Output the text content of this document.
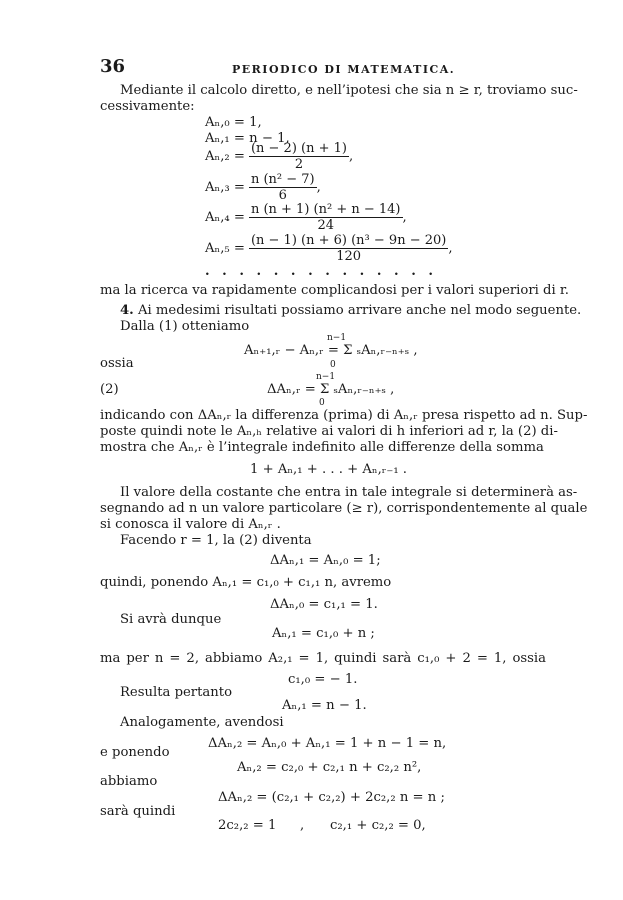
36	PERIODICO DI MATEMATICA.
Mediante il calcolo diretto, e nell’ipotesi che sia n ≥ r, troviamo suc-
cessivamente:
Aₙ,₀ = 1,
Aₙ,₁ = n − 1,
$A_n,_2 = \frac{(n - 2) (n + 1)}{2}$ ,
$A_n,_3 = \frac{\text{n (n² − 7)}}{6}$ ,
$A_n,_4 = \frac{\text{n (n + 1) (n² + n − 14)}}{24}$ ,
$A_n,_5 = \frac{\text{(n − 1) (n + 6) (n³ − 9n − 20)}}{120}$ ,
. . . . . . . . . . . . . .
ma la ricerca va rapidamente complicandosi per i valori superiori di r.
4. Ai medesimi risultati possiamo arrivare anche nel modo seguente.
Dalla (1) otteniamo
n−1
Aₙ₊₁,ᵣ − Aₙ,ᵣ = Σ ₛAₙ,ᵣ₋ₙ₊ₛ ,
0
ossia
(2)
n−1
ΔAₙ,ᵣ = Σ ₛAₙ,ᵣ₋ₙ₊ₛ ,
0
indicando con ΔAₙ,ᵣ la differenza (prima) di Aₙ,ᵣ presa rispetto ad n. Sup-
poste quindi note le Aₙ,ₕ relative ai valori di h inferiori ad r, la (2) di-
mostra che Aₙ,ᵣ è l’integrale indefinito alle differenze della somma
1 + Aₙ,₁ + . . . + Aₙ,ᵣ₋₁ .
Il valore della costante che entra in tale integrale si determinerà as-
segnando ad n un valore particolare (≥ r), corrispondentemente al quale
si conosca il valore di Aₙ,ᵣ .
Facendo r = 1, la (2) diventa
ΔAₙ,₁ = Aₙ,₀ = 1;
quindi, ponendo Aₙ,₁ = c₁,₀ + c₁,₁ n, avremo
ΔAₙ,₀ = c₁,₁ = 1.
Si avrà dunque
Aₙ,₁ = c₁,₀ + n ;
ma per n = 2, abbiamo A₂,₁ = 1, quindi sarà c₁,₀ + 2 = 1, ossia
c₁,₀ = − 1.
Resulta pertanto
Aₙ,₁ = n − 1.
Analogamente, avendosi
ΔAₙ,₂ = Aₙ,₀ + Aₙ,₁ = 1 + n − 1 = n,
e ponendo
Aₙ,₂ = c₂,₀ + c₂,₁ n + c₂,₂ n²,
abbiamo
ΔAₙ,₂ = (c₂,₁ + c₂,₂) + 2c₂,₂ n = n ;
sarà quindi
2c₂,₂ = 1 , c₂,₁ + c₂,₂ = 0,
